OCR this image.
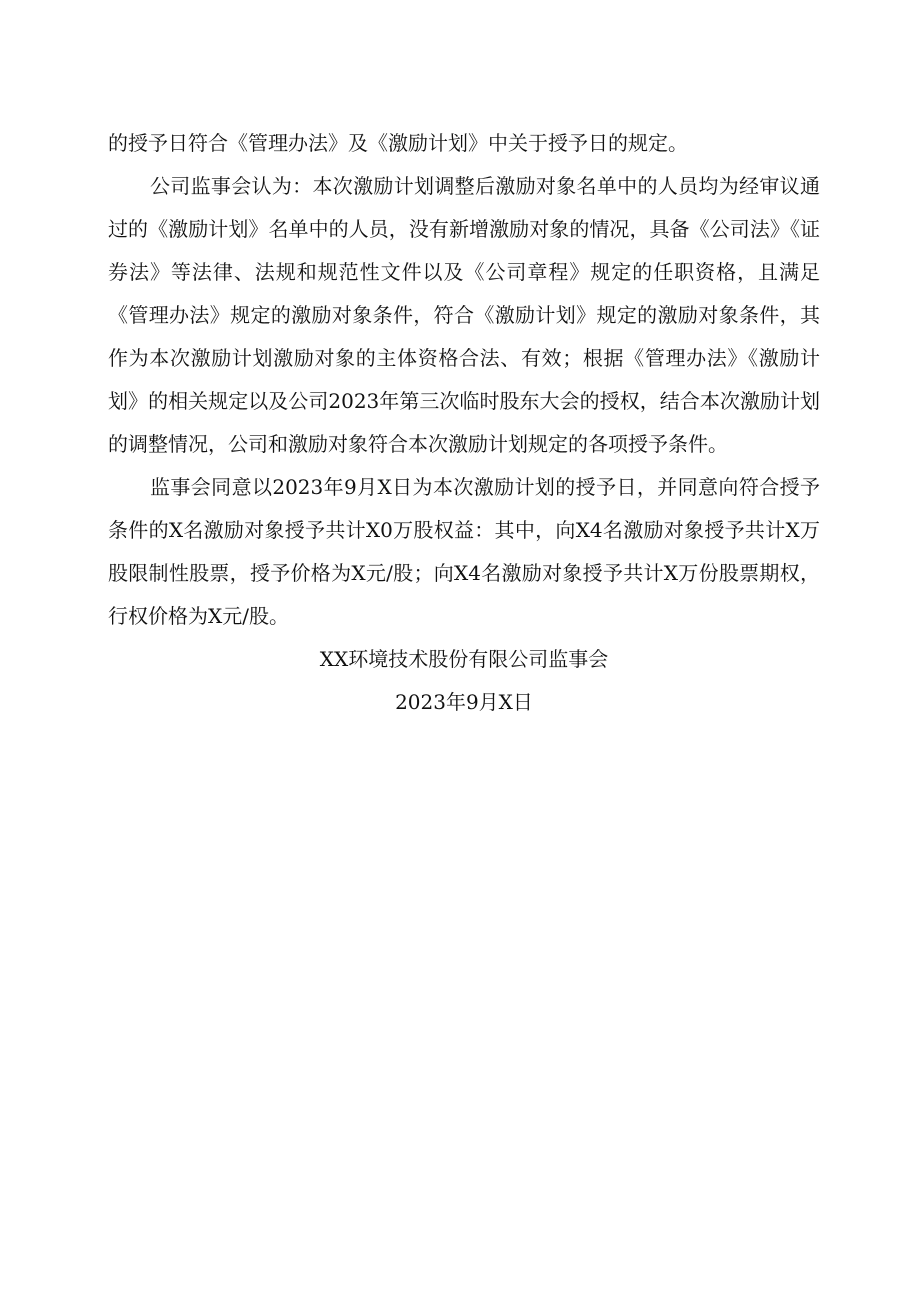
的授予日符合《管理办法》及《激励计划》中关于授予日的规定。

公司监事会认为：本次激励计划调整后激励对象名单中的人员均为经审议通过的《激励计划》名单中的人员，没有新增激励对象的情况，具备《公司法》《证券法》等法律、法规和规范性文件以及《公司章程》规定的任职资格，且满足《管理办法》规定的激励对象条件，符合《激励计划》规定的激励对象条件，其作为本次激励计划激励对象的主体资格合法、有效；根据《管理办法》《激励计划》的相关规定以及公司2023年第三次临时股东大会的授权，结合本次激励计划的调整情况，公司和激励对象符合本次激励计划规定的各项授予条件。

监事会同意以2023年9月X日为本次激励计划的授予日，并同意向符合授予条件的X名激励对象授予共计X0万股权益：其中，向X4名激励对象授予共计X万股限制性股票，授予价格为X元/股；向X4名激励对象授予共计X万份股票期权，行权价格为X元/股。

XX环境技术股份有限公司监事会

2023年9月X日
